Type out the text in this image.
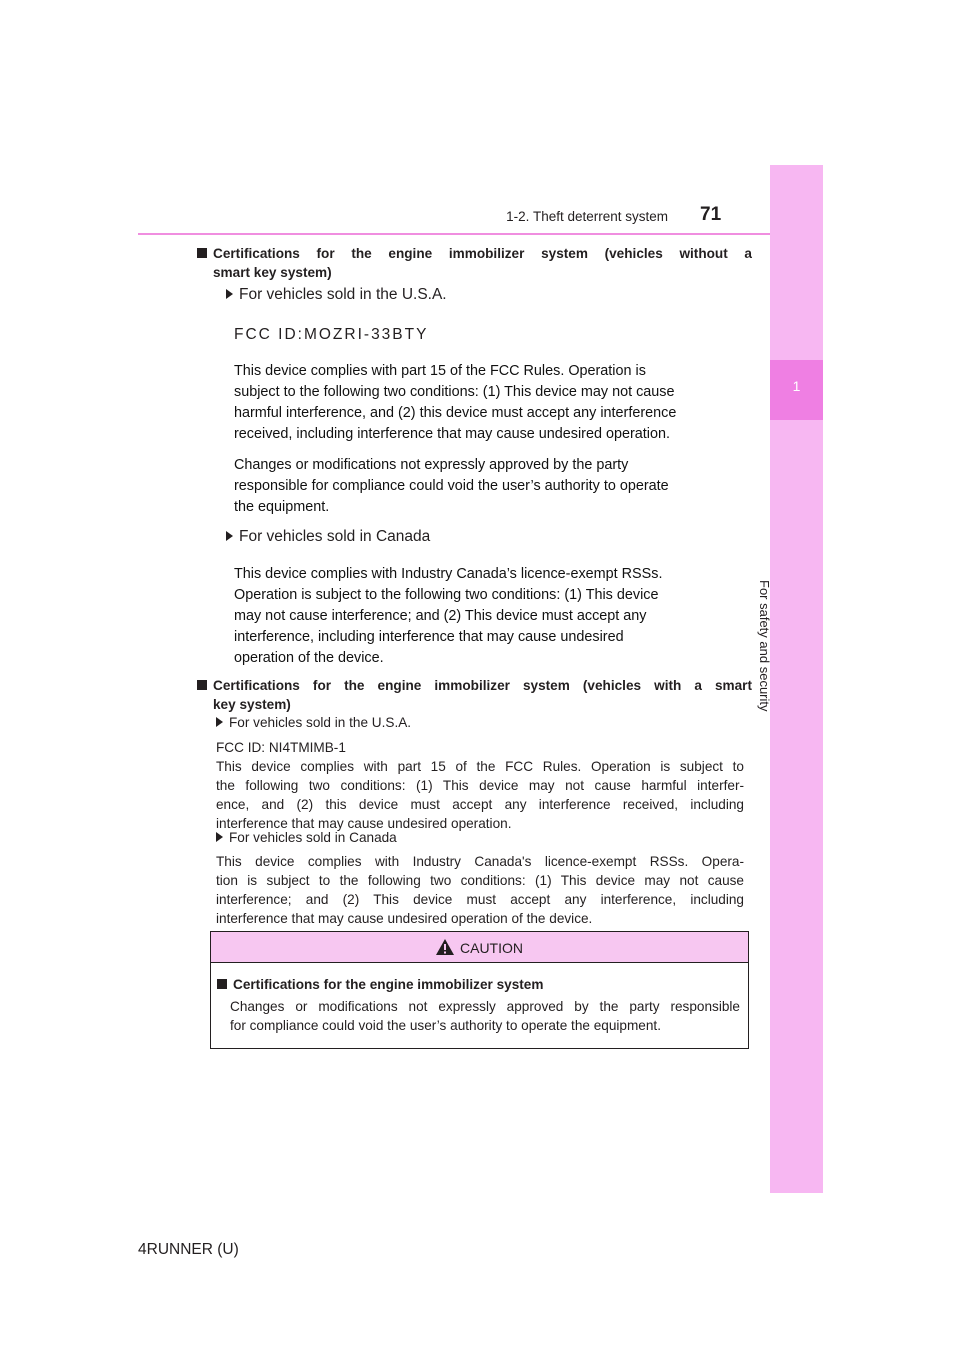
1-2. Theft deterrent system 71
1
For safety and security
Certifications for the engine immobilizer system (vehicles without a
smart key system)
For vehicles sold in the U.S.A.
FCC ID:MOZRI-33BTY
This device complies with part 15 of the FCC Rules. Operation is
subject to the following two conditions: (1) This device may not cause
harmful interference, and (2) this device must accept any interference
received, including interference that may cause undesired operation.
Changes or modifications not expressly approved by the party
responsible for compliance could void the user’s authority to operate
the equipment.
For vehicles sold in Canada
This device complies with Industry Canada’s licence-exempt RSSs.
Operation is subject to the following two conditions: (1) This device
may not cause interference; and (2) This device must accept any
interference, including interference that may cause undesired
operation of the device.
Certifications for the engine immobilizer system (vehicles with a smart
key system)
For vehicles sold in the U.S.A.
FCC ID: NI4TMIMB-1
This device complies with part 15 of the FCC Rules. Operation is subject to
the following two conditions: (1) This device may not cause harmful interfer-
ence, and (2) this device must accept any interference received, including
interference that may cause undesired operation.
For vehicles sold in Canada
This device complies with Industry Canada's licence-exempt RSSs. Opera-
tion is subject to the following two conditions: (1) This device may not cause
interference; and (2) This device must accept any interference, including
interference that may cause undesired operation of the device.
CAUTION
Certifications for the engine immobilizer system
Changes or modifications not expressly approved by the party responsible
for compliance could void the user’s authority to operate the equipment.
4RUNNER (U)
